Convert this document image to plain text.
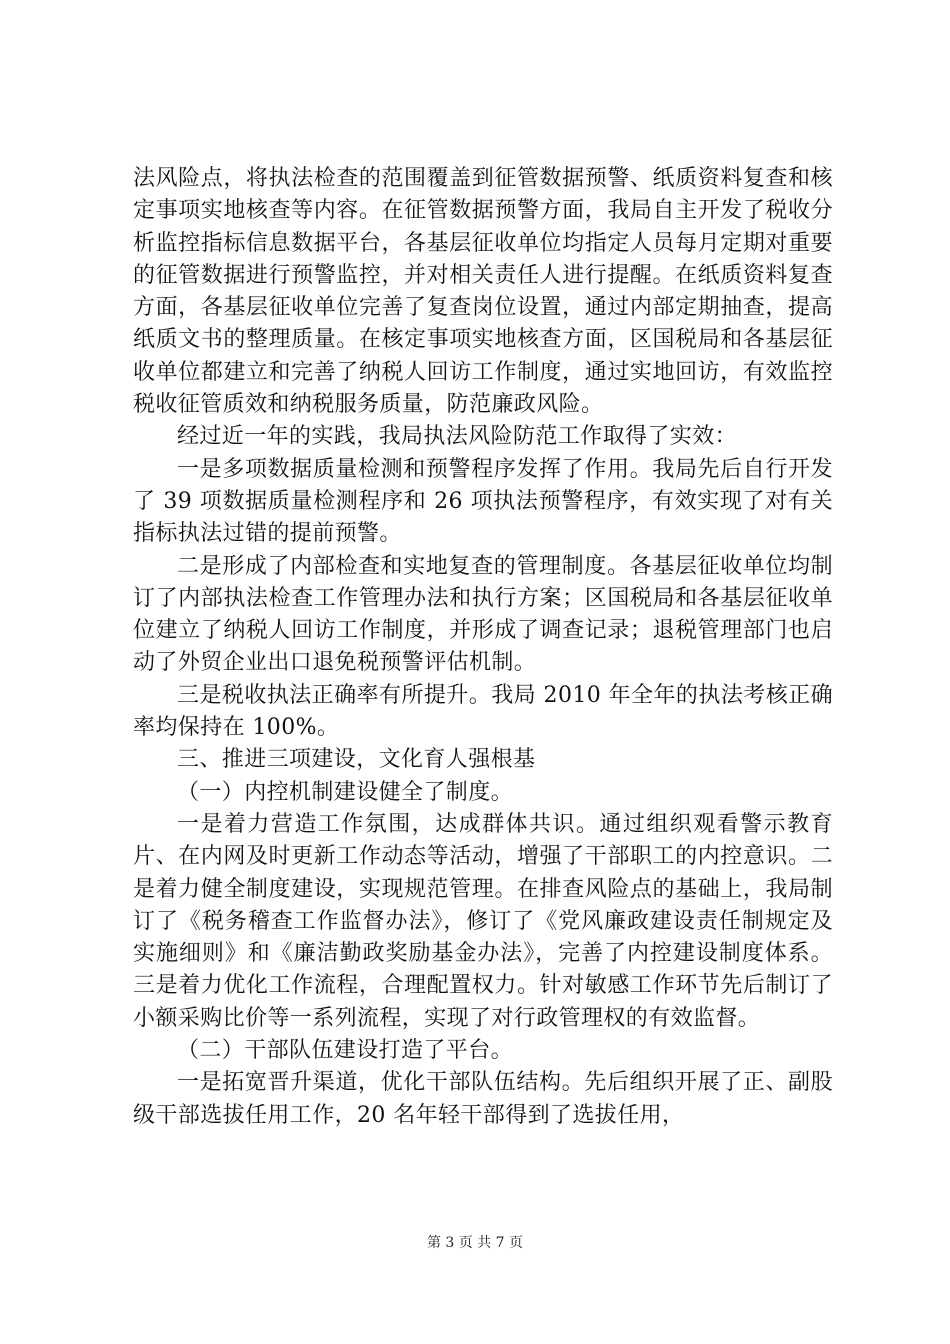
法风险点，将执法检查的范围覆盖到征管数据预警、纸质资料复查和核定事项实地核查等内容。在征管数据预警方面，我局自主开发了税收分析监控指标信息数据平台，各基层征收单位均指定人员每月定期对重要的征管数据进行预警监控，并对相关责任人进行提醒。在纸质资料复查方面，各基层征收单位完善了复查岗位设置，通过内部定期抽查，提高纸质文书的整理质量。在核定事项实地核查方面，区国税局和各基层征收单位都建立和完善了纳税人回访工作制度，通过实地回访，有效监控税收征管质效和纳税服务质量，防范廉政风险。

经过近一年的实践，我局执法风险防范工作取得了实效：

一是多项数据质量检测和预警程序发挥了作用。我局先后自行开发了 39 项数据质量检测程序和 26 项执法预警程序，有效实现了对有关指标执法过错的提前预警。

二是形成了内部检查和实地复查的管理制度。各基层征收单位均制订了内部执法检查工作管理办法和执行方案；区国税局和各基层征收单位建立了纳税人回访工作制度，并形成了调查记录；退税管理部门也启动了外贸企业出口退免税预警评估机制。

三是税收执法正确率有所提升。我局 2010 年全年的执法考核正确率均保持在 100%。

三、推进三项建设，文化育人强根基

（一）内控机制建设健全了制度。

一是着力营造工作氛围，达成群体共识。通过组织观看警示教育片、在内网及时更新工作动态等活动，增强了干部职工的内控意识。二是着力健全制度建设，实现规范管理。在排查风险点的基础上，我局制订了《税务稽查工作监督办法》，修订了《党风廉政建设责任制规定及实施细则》和《廉洁勤政奖励基金办法》，完善了内控建设制度体系。三是着力优化工作流程，合理配置权力。针对敏感工作环节先后制订了小额采购比价等一系列流程，实现了对行政管理权的有效监督。

（二）干部队伍建设打造了平台。

一是拓宽晋升渠道，优化干部队伍结构。先后组织开展了正、副股级干部选拔任用工作，20 名年轻干部得到了选拔任用，

第 3 页 共 7 页
